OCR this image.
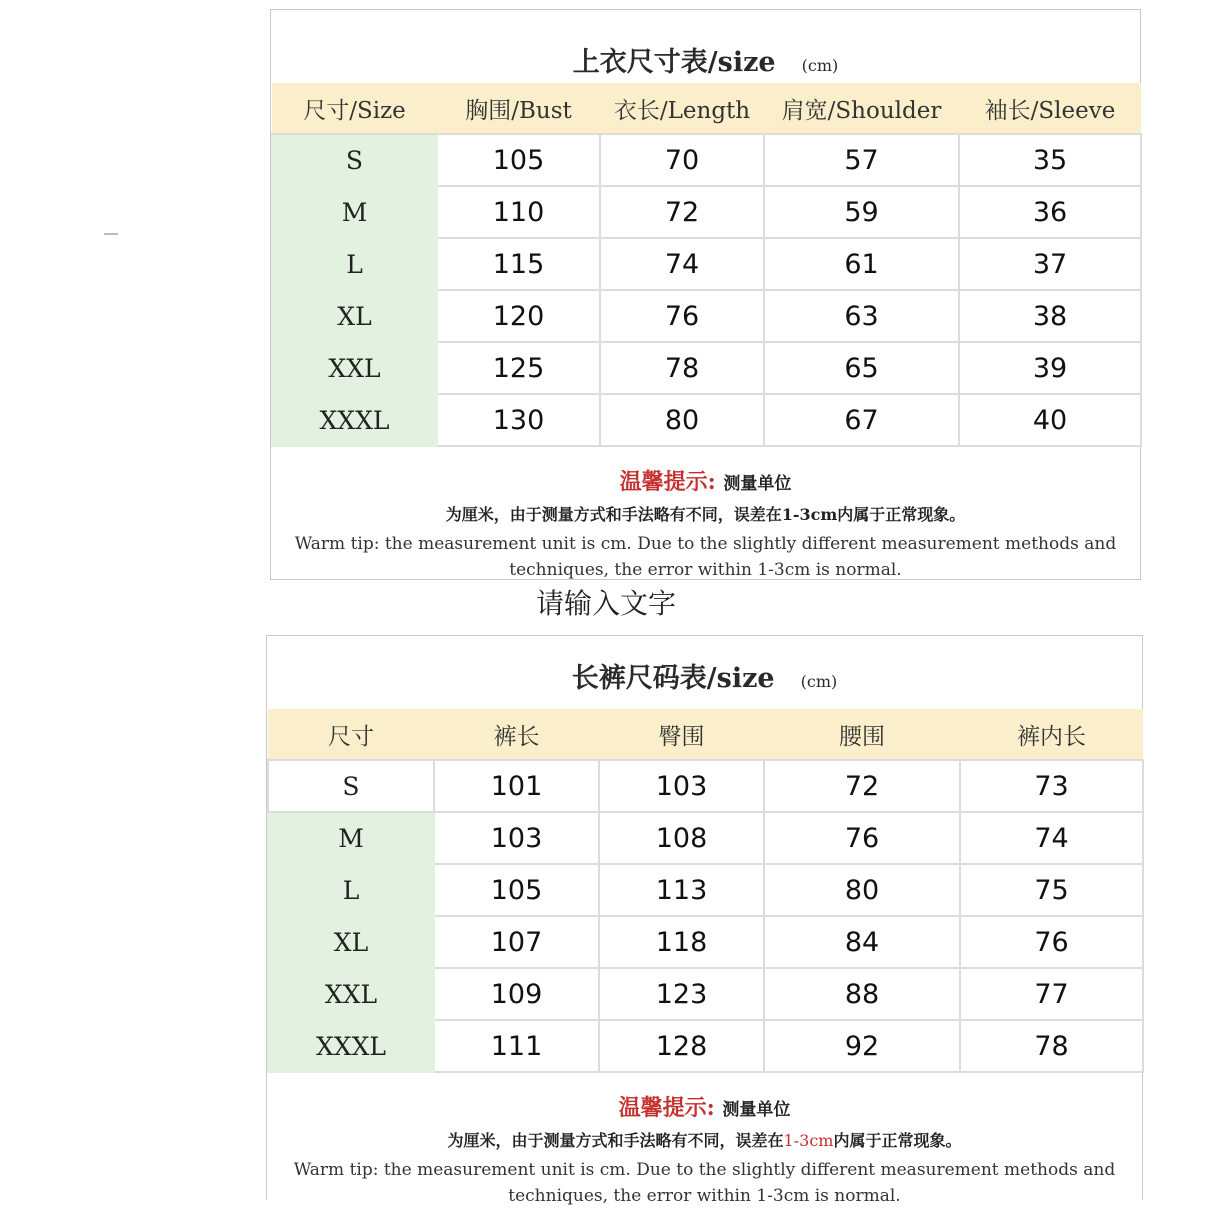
上衣尺寸表/size (cm)
尺寸/Size	胸围/Bust	衣长/Length	肩宽/Shoulder	袖长/Sleeve
S	105	70	57	35
M	110	72	59	36
L	115	74	61	37
XL	120	76	63	38
XXL	125	78	65	39
XXXL	130	80	67	40
温馨提示: 测量单位
为厘米，由于测量方式和手法略有不同，误差在1-3cm内属于正常现象。
Warm tip: the measurement unit is cm. Due to the slightly different measurement methods and techniques, the error within 1-3cm is normal.
请输入文字
长裤尺码表/size (cm)
尺寸	裤长	臀围	腰围	裤内长
S	101	103	72	73
M	103	108	76	74
L	105	113	80	75
XL	107	118	84	76
XXL	109	123	88	77
XXXL	111	128	92	78
温馨提示: 测量单位
为厘米，由于测量方式和手法略有不同，误差在1-3cm内属于正常现象。
Warm tip: the measurement unit is cm. Due to the slightly different measurement methods and techniques, the error within 1-3cm is normal.
